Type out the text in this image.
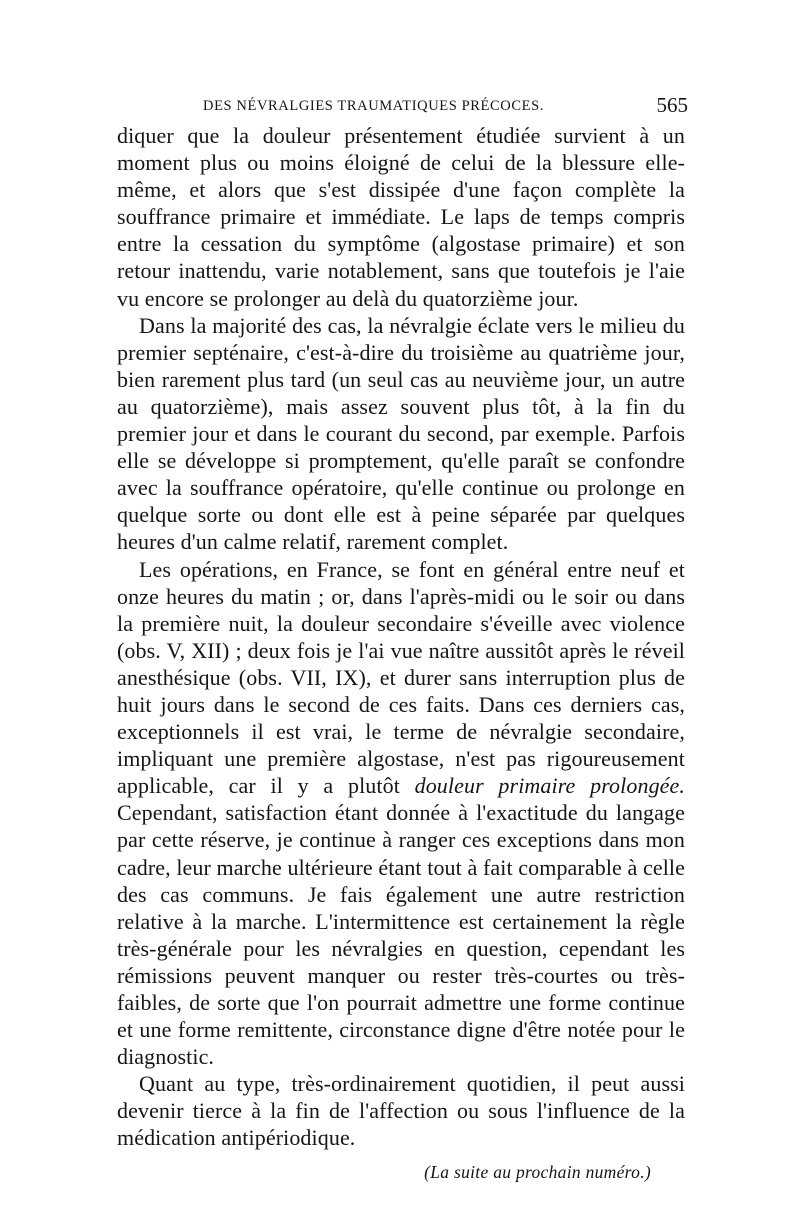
DES NÉVRALGIES TRAUMATIQUES PRÉCOCES.	565

diquer que la douleur présentement étudiée survient à un moment plus ou moins éloigné de celui de la blessure elle-même, et alors que s'est dissipée d'une façon complète la souffrance primaire et immédiate. Le laps de temps compris entre la cessation du symptôme (algostase primaire) et son retour inattendu, varie notablement, sans que toutefois je l'aie vu encore se prolonger au delà du quatorzième jour.

Dans la majorité des cas, la névralgie éclate vers le milieu du premier septénaire, c'est-à-dire du troisième au quatrième jour, bien rarement plus tard (un seul cas au neuvième jour, un autre au quatorzième), mais assez souvent plus tôt, à la fin du premier jour et dans le courant du second, par exemple. Parfois elle se développe si promptement, qu'elle paraît se confondre avec la souffrance opératoire, qu'elle continue ou prolonge en quelque sorte ou dont elle est à peine séparée par quelques heures d'un calme relatif, rarement complet.

Les opérations, en France, se font en général entre neuf et onze heures du matin ; or, dans l'après-midi ou le soir ou dans la première nuit, la douleur secondaire s'éveille avec violence (obs. V, XII) ; deux fois je l'ai vue naître aussitôt après le réveil anesthésique (obs. VII, IX), et durer sans interruption plus de huit jours dans le second de ces faits. Dans ces derniers cas, exceptionnels il est vrai, le terme de névralgie secondaire, impliquant une première algostase, n'est pas rigoureusement applicable, car il y a plutôt douleur primaire prolongée. Cependant, satisfaction étant donnée à l'exactitude du langage par cette réserve, je continue à ranger ces exceptions dans mon cadre, leur marche ultérieure étant tout à fait comparable à celle des cas communs. Je fais également une autre restriction relative à la marche. L'intermittence est certainement la règle très-générale pour les névralgies en question, cependant les rémissions peuvent manquer ou rester très-courtes ou très-faibles, de sorte que l'on pourrait admettre une forme continue et une forme remittente, circonstance digne d'être notée pour le diagnostic.

Quant au type, très-ordinairement quotidien, il peut aussi devenir tierce à la fin de l'affection ou sous l'influence de la médication antipériodique.

(La suite au prochain numéro.)
